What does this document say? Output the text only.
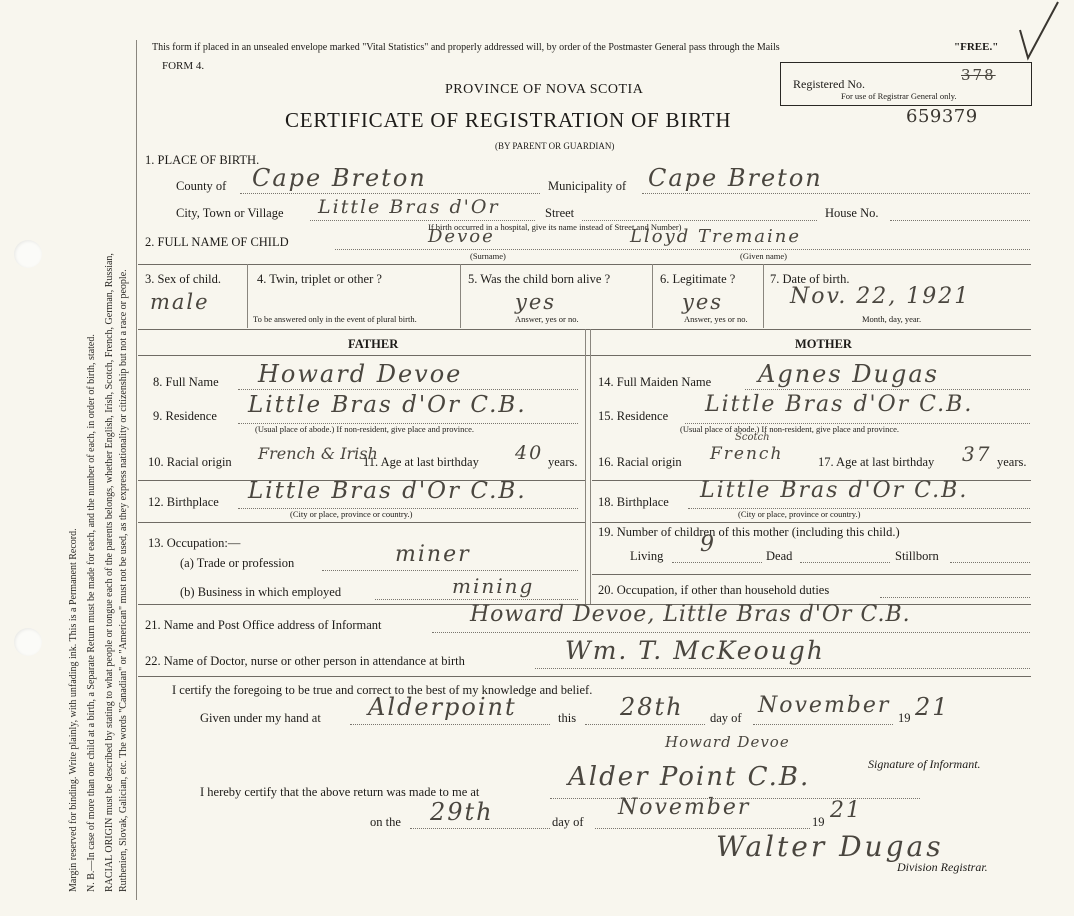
Margin reserved for binding. Write plainly, with unfading ink. This is a Permanent Record. N. B.—In case of more than one child at a birth, a Separate Return must be made for each, and the number of each, in order of birth, stated. RACIAL ORIGIN must be described by stating to what people or tongue each of the parents belongs, whether English, Irish, Scotch, French, German, Russian, Ruthenien, Slovak, Galician, etc. The words "Canadian" or "American" must not be used, as they express nationality or citizenship but not a race or people.
This form if placed in an unsealed envelope marked "Vital Statistics" and properly addressed will, by order of the Postmaster General pass through the Mails	"FREE."
FORM 4.
PROVINCE OF NOVA SCOTIA
CERTIFICATE OF REGISTRATION OF BIRTH
(BY PARENT OR GUARDIAN)
659379
Registered No.	378
For use of Registrar General only.
1. PLACE OF BIRTH.
County of Cape Breton	Municipality of Cape Breton
City, Town or Village Little Bras d'Or	Street	House No.
If birth occurred in a hospital, give its name instead of Street and Number)
2. FULL NAME OF CHILD	Devoe	Lloyd Tremaine
(Surname)	(Given name)
3. Sex of child.
male
4. Twin, triplet or other ?
To be answered only in the event of plural birth.
5. Was the child born alive ?
yes
Answer, yes or no.
6. Legitimate ?
yes
Answer, yes or no.
7. Date of birth.
Nov. 22, 1921
Month, day, year.
FATHER	MOTHER
8. Full Name Howard Devoe
9. Residence Little Bras d'Or C.B.
(Usual place of abode.) If non-resident, give place and province.
10. Racial origin French & Irish
11. Age at last birthday 40 years.
12. Birthplace Little Bras d'Or C.B.
(City or place, province or country.)
13. Occupation:—
(a) Trade or profession	miner
(b) Business in which employed	mining
14. Full Maiden Name Agnes Dugas
15. Residence Little Bras d'Or C.B.
(Usual place of abode.) If non-resident, give place and province.
16. Racial origin French
Scotch
17. Age at last birthday 37 years.
18. Birthplace Little Bras d'Or C.B.
(City or place, province or country.)
19. Number of children of this mother (including this child.)
Living 9	Dead	Stillborn
20. Occupation, if other than household duties
21. Name and Post Office address of Informant	Howard Devoe, Little Bras d'Or C.B.
22. Name of Doctor, nurse or other person in attendance at birth	Wm. T. McKeough
I certify the foregoing to be true and correct to the best of my knowledge and belief.
Given under my hand at Alderpoint	this 28th day of November 19 21
Howard Devoe
Signature of Informant.
I hereby certify that the above return was made to me at	Alder Point C.B.
on the 29th	day of
November
19 21
Walter Dugas
Division Registrar.
